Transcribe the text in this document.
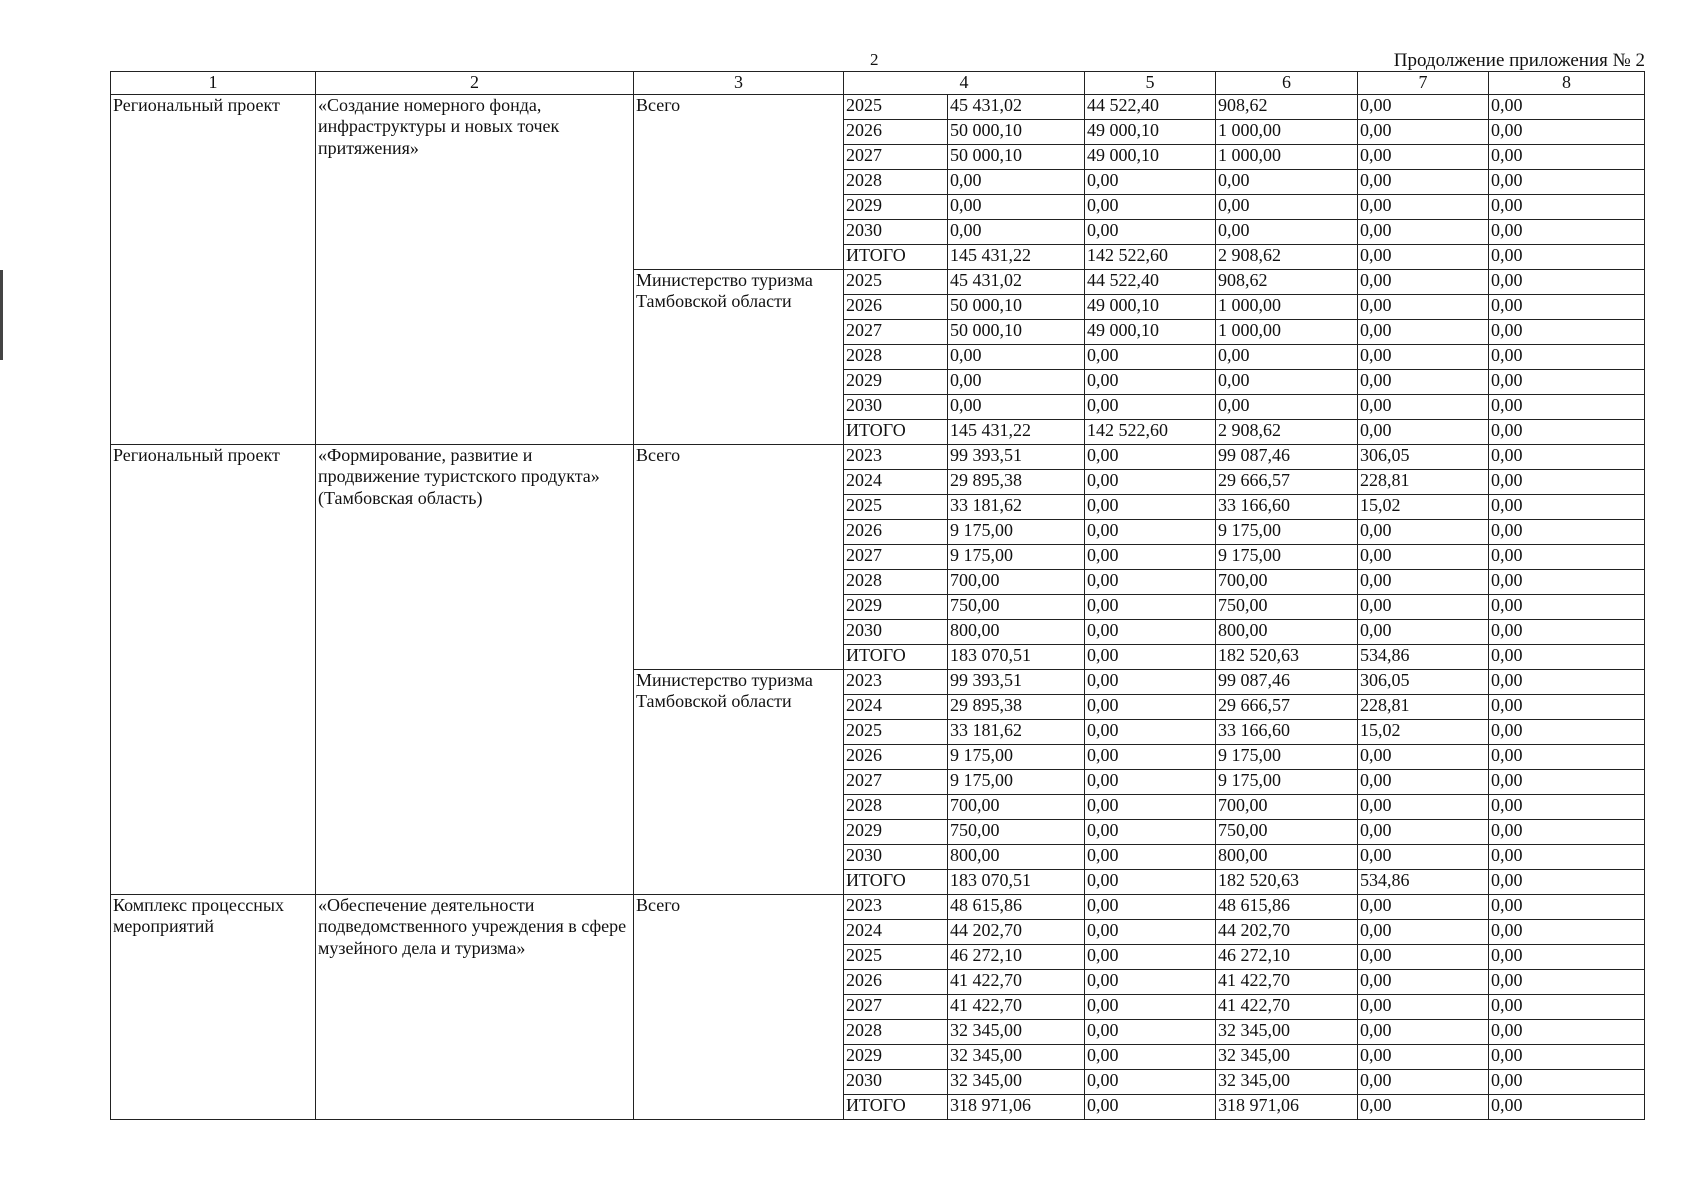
2	Продолжение приложения № 2
1	2	3	4		5	6	7	8
Региональный проект	«Создание номерного фонда, инфраструктуры и новых точек притяжения»	Всего	2025	45 431,02	44 522,40	908,62	0,00	0,00
			2026	50 000,10	49 000,10	1 000,00	0,00	0,00
			2027	50 000,10	49 000,10	1 000,00	0,00	0,00
			2028	0,00	0,00	0,00	0,00	0,00
			2029	0,00	0,00	0,00	0,00	0,00
			2030	0,00	0,00	0,00	0,00	0,00
			ИТОГО	145 431,22	142 522,60	2 908,62	0,00	0,00
		Министерство туризма Тамбовской области	2025	45 431,02	44 522,40	908,62	0,00	0,00
			2026	50 000,10	49 000,10	1 000,00	0,00	0,00
			2027	50 000,10	49 000,10	1 000,00	0,00	0,00
			2028	0,00	0,00	0,00	0,00	0,00
			2029	0,00	0,00	0,00	0,00	0,00
			2030	0,00	0,00	0,00	0,00	0,00
			ИТОГО	145 431,22	142 522,60	2 908,62	0,00	0,00
Региональный проект	«Формирование, развитие и продвижение туристского продукта» (Тамбовская область)	Всего	2023	99 393,51	0,00	99 087,46	306,05	0,00
			2024	29 895,38	0,00	29 666,57	228,81	0,00
			2025	33 181,62	0,00	33 166,60	15,02	0,00
			2026	9 175,00	0,00	9 175,00	0,00	0,00
			2027	9 175,00	0,00	9 175,00	0,00	0,00
			2028	700,00	0,00	700,00	0,00	0,00
			2029	750,00	0,00	750,00	0,00	0,00
			2030	800,00	0,00	800,00	0,00	0,00
			ИТОГО	183 070,51	0,00	182 520,63	534,86	0,00
		Министерство туризма Тамбовской области	2023	99 393,51	0,00	99 087,46	306,05	0,00
			2024	29 895,38	0,00	29 666,57	228,81	0,00
			2025	33 181,62	0,00	33 166,60	15,02	0,00
			2026	9 175,00	0,00	9 175,00	0,00	0,00
			2027	9 175,00	0,00	9 175,00	0,00	0,00
			2028	700,00	0,00	700,00	0,00	0,00
			2029	750,00	0,00	750,00	0,00	0,00
			2030	800,00	0,00	800,00	0,00	0,00
			ИТОГО	183 070,51	0,00	182 520,63	534,86	0,00
Комплекс процессных мероприятий	«Обеспечение деятельности подведомственного учреждения в сфере музейного дела и туризма»	Всего	2023	48 615,86	0,00	48 615,86	0,00	0,00
			2024	44 202,70	0,00	44 202,70	0,00	0,00
			2025	46 272,10	0,00	46 272,10	0,00	0,00
			2026	41 422,70	0,00	41 422,70	0,00	0,00
			2027	41 422,70	0,00	41 422,70	0,00	0,00
			2028	32 345,00	0,00	32 345,00	0,00	0,00
			2029	32 345,00	0,00	32 345,00	0,00	0,00
			2030	32 345,00	0,00	32 345,00	0,00	0,00
			ИТОГО	318 971,06	0,00	318 971,06	0,00	0,00
